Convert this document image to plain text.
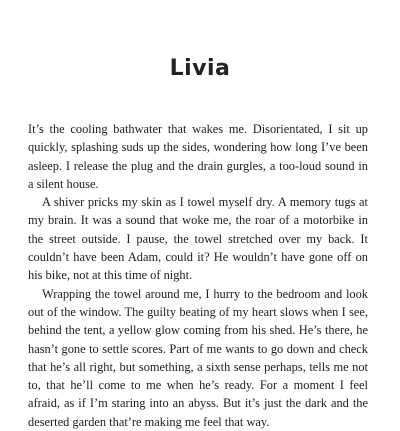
Livia

It’s the cooling bathwater that wakes me. Disorientated, I sit up quickly, splashing suds up the sides, wondering how long I’ve been asleep. I release the plug and the drain gurgles, a too-loud sound in a silent house.

A shiver pricks my skin as I towel myself dry. A memory tugs at my brain. It was a sound that woke me, the roar of a motorbike in the street outside. I pause, the towel stretched over my back. It couldn’t have been Adam, could it? He wouldn’t have gone off on his bike, not at this time of night.

Wrapping the towel around me, I hurry to the bedroom and look out of the window. The guilty beating of my heart slows when I see, behind the tent, a yellow glow coming from his shed. He’s there, he hasn’t gone to settle scores. Part of me wants to go down and check that he’s all right, but something, a sixth sense perhaps, tells me not to, that he’ll come to me when he’s ready. For a moment I feel afraid, as if I’m staring into an abyss. But it’s just the dark and the deserted garden that’re making me feel that way.
